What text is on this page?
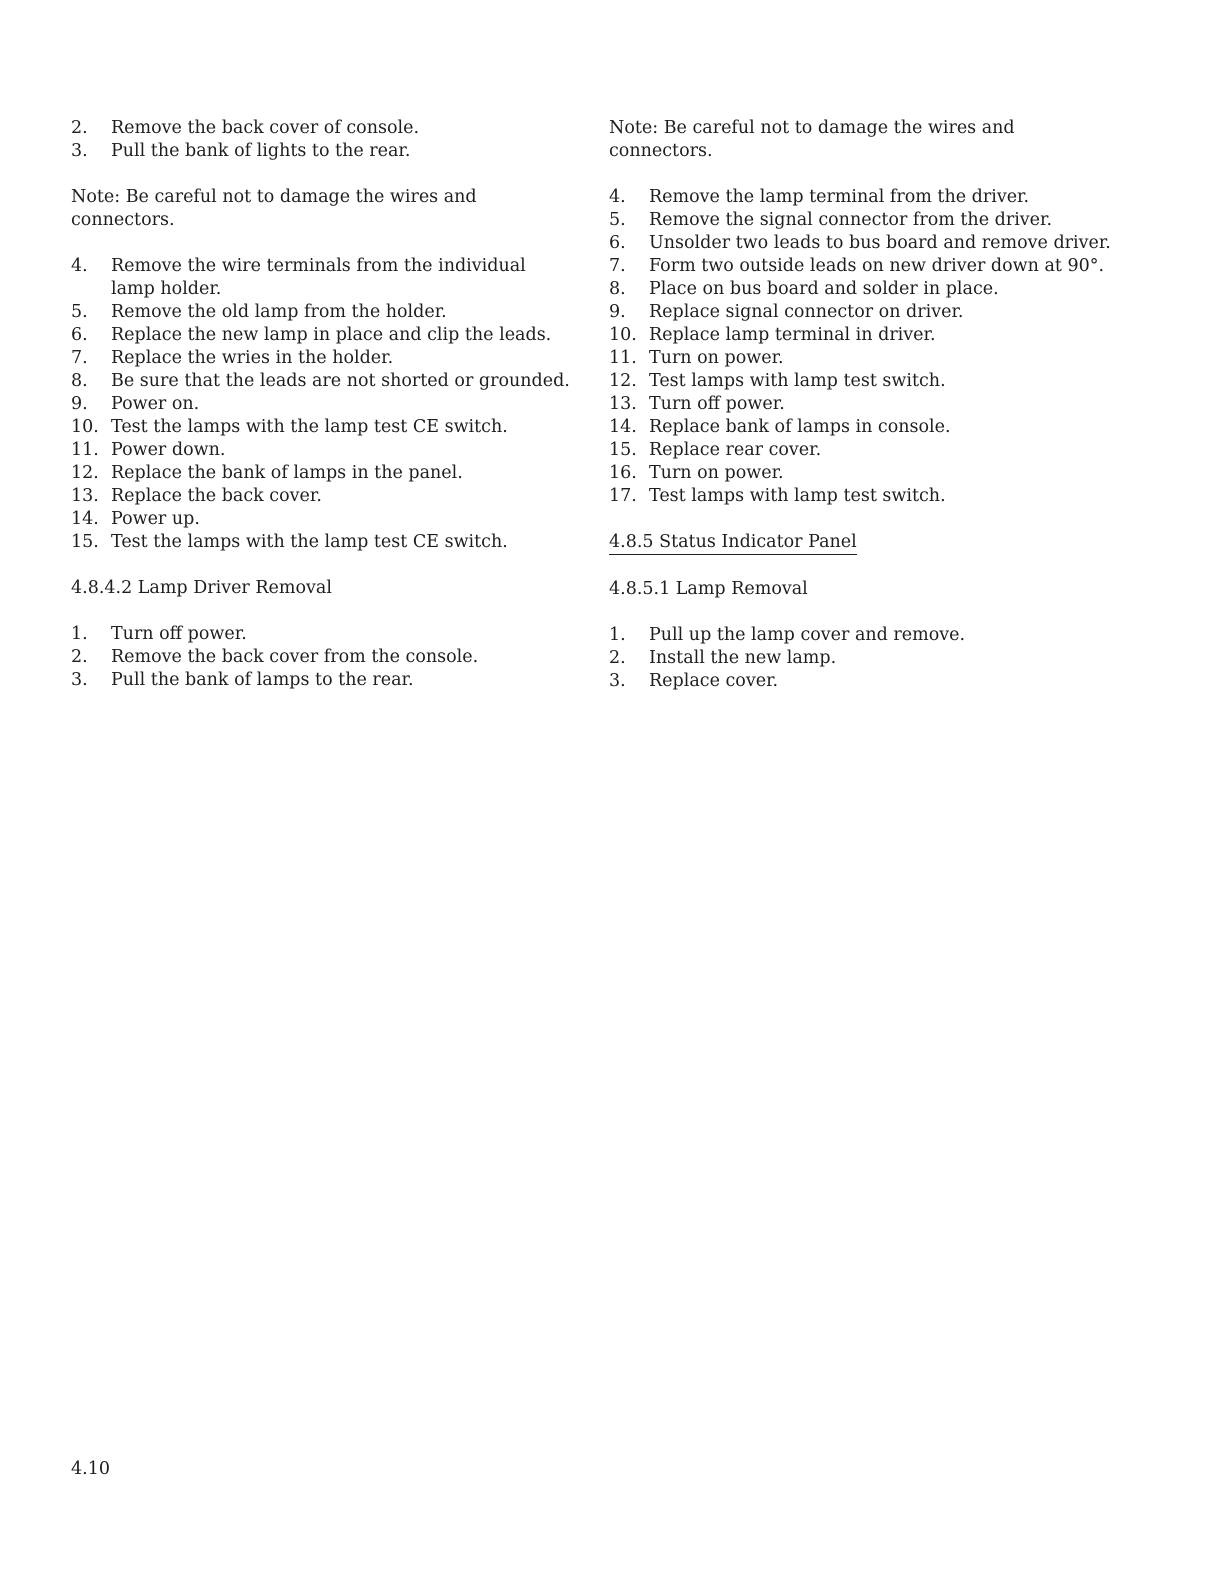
2.	Remove the back cover of console.
3.	Pull the bank of lights to the rear.

Note: Be careful not to damage the wires and connectors.

4.	Remove the wire terminals from the individual lamp holder.
5.	Remove the old lamp from the holder.
6.	Replace the new lamp in place and clip the leads.
7.	Replace the wries in the holder.
8.	Be sure that the leads are not shorted or grounded.
9.	Power on.
10. Test the lamps with the lamp test CE switch.
11. Power down.
12. Replace the bank of lamps in the panel.
13. Replace the back cover.
14. Power up.
15. Test the lamps with the lamp test CE switch.

4.8.4.2 Lamp Driver Removal

1.	Turn off power.
2.	Remove the back cover from the console.
3.	Pull the bank of lamps to the rear.

Note: Be careful not to damage the wires and connectors.

4.	Remove the lamp terminal from the driver.
5.	Remove the signal connector from the driver.
6.	Unsolder two leads to bus board and remove driver.
7.	Form two outside leads on new driver down at 90°.
8.	Place on bus board and solder in place.
9.	Replace signal connector on driver.
10. Replace lamp terminal in driver.
11. Turn on power.
12. Test lamps with lamp test switch.
13. Turn off power.
14. Replace bank of lamps in console.
15. Replace rear cover.
16. Turn on power.
17. Test lamps with lamp test switch.

4.8.5 Status Indicator Panel

4.8.5.1 Lamp Removal

1.	Pull up the lamp cover and remove.
2.	Install the new lamp.
3.	Replace cover.
4.10
